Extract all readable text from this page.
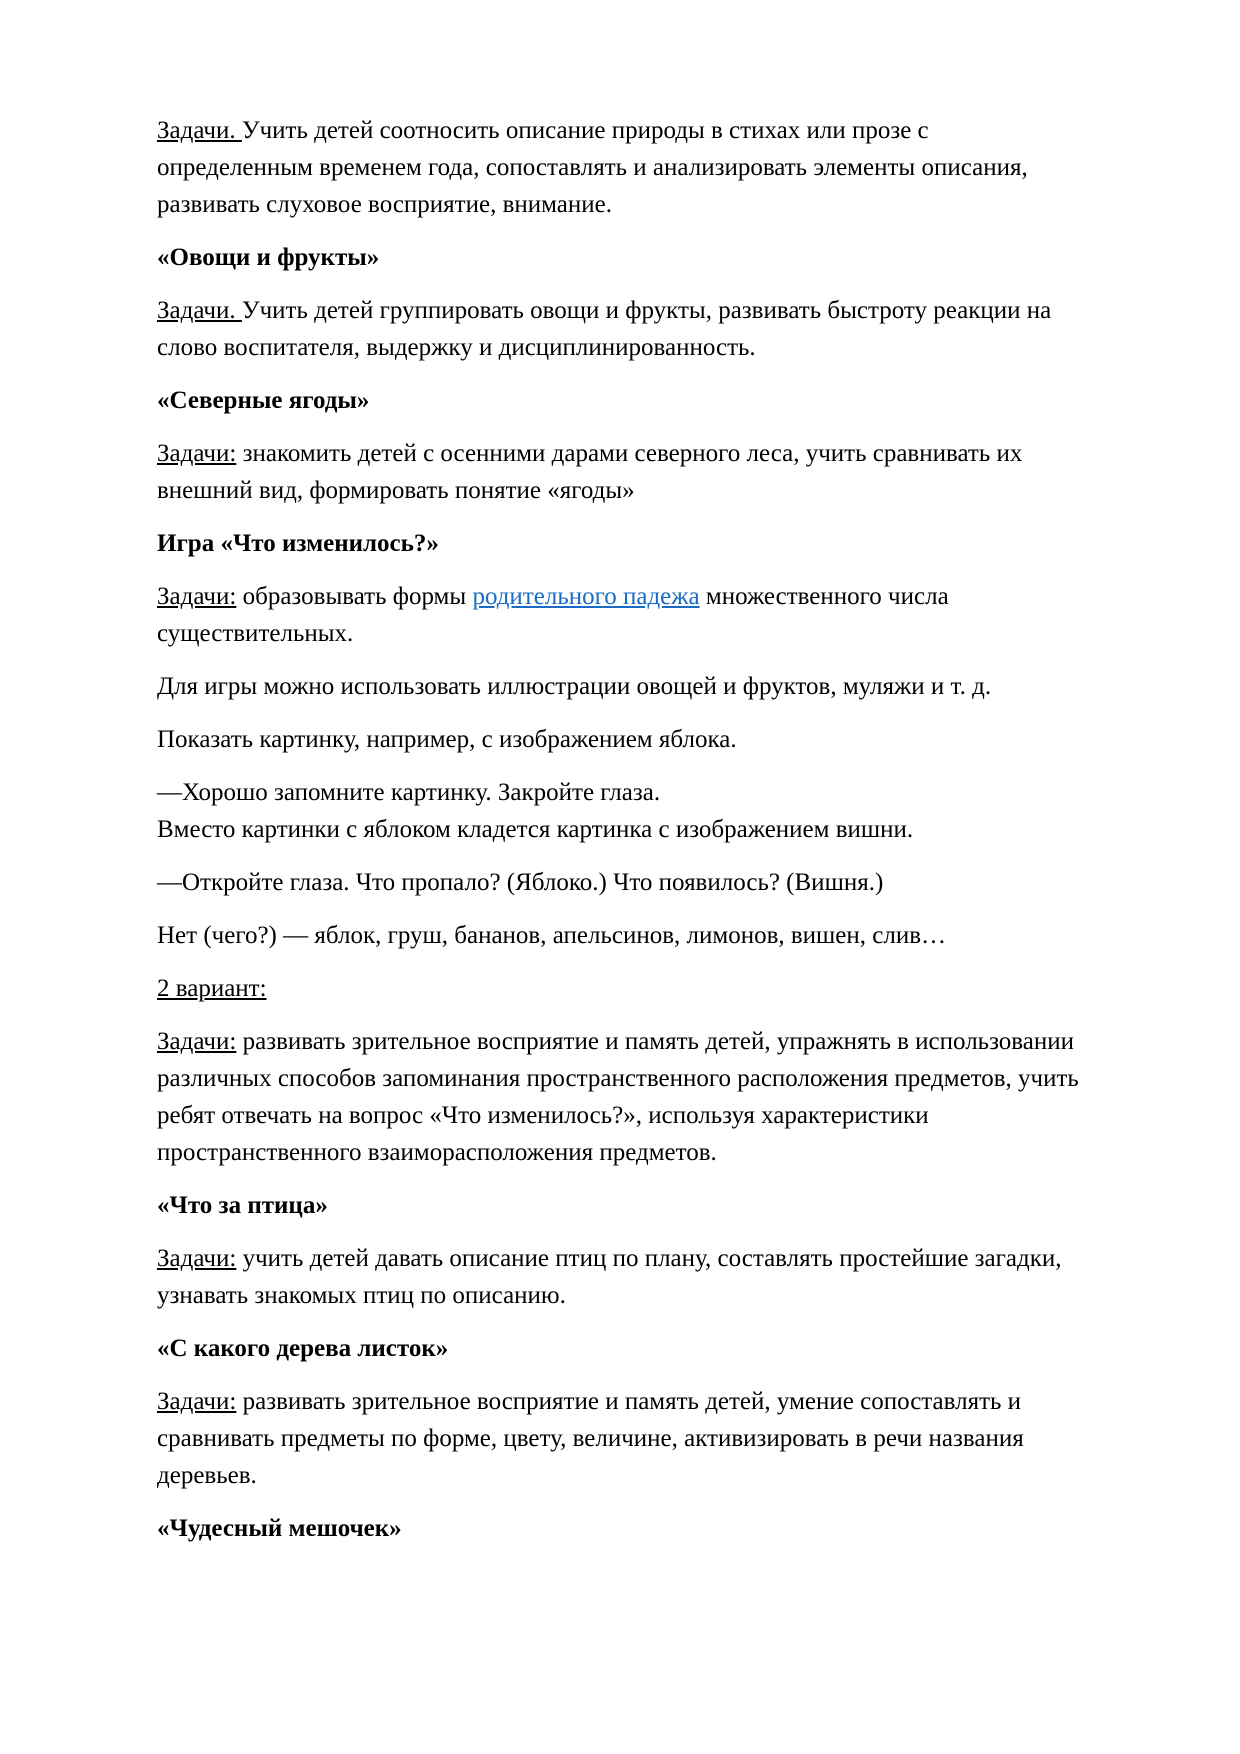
Задачи. Учить детей соотносить описание природы в стихах или прозе с определенным временем года, сопоставлять и анализировать элементы описания, развивать слуховое восприятие, внимание.

«Овощи и фрукты»

Задачи. Учить детей группировать овощи и фрукты, развивать быстроту реакции на слово воспитателя, выдержку и дисциплинированность.

«Северные ягоды»

Задачи: знакомить детей с осенними дарами северного леса, учить сравнивать их внешний вид, формировать понятие «ягоды»

Игра «Что изменилось?»

Задачи: образовывать формы родительного падежа множественного числа существительных.

Для игры можно использовать иллюстрации овощей и фруктов, муляжи и т. д.

Показать картинку, например, с изображением яблока.

—Хорошо запомните картинку. Закройте глаза.
Вместо картинки с яблоком кладется картинка с изображением вишни.

—Откройте глаза. Что пропало? (Яблоко.) Что появилось? (Вишня.)

Нет (чего?) — яблок, груш, бананов, апельсинов, лимонов, вишен, слив…

2 вариант:

Задачи: развивать зрительное восприятие и память детей, упражнять в использовании различных способов запоминания пространственного расположения предметов, учить ребят отвечать на вопрос «Что изменилось?», используя характеристики пространственного взаиморасположения предметов.

«Что за птица»

Задачи: учить детей давать описание птиц по плану, составлять простейшие загадки, узнавать знакомых птиц по описанию.

«С какого дерева листок»

Задачи: развивать зрительное восприятие и память детей, умение сопоставлять и сравнивать предметы по форме, цвету, величине, активизировать в речи названия деревьев.

«Чудесный мешочек»
